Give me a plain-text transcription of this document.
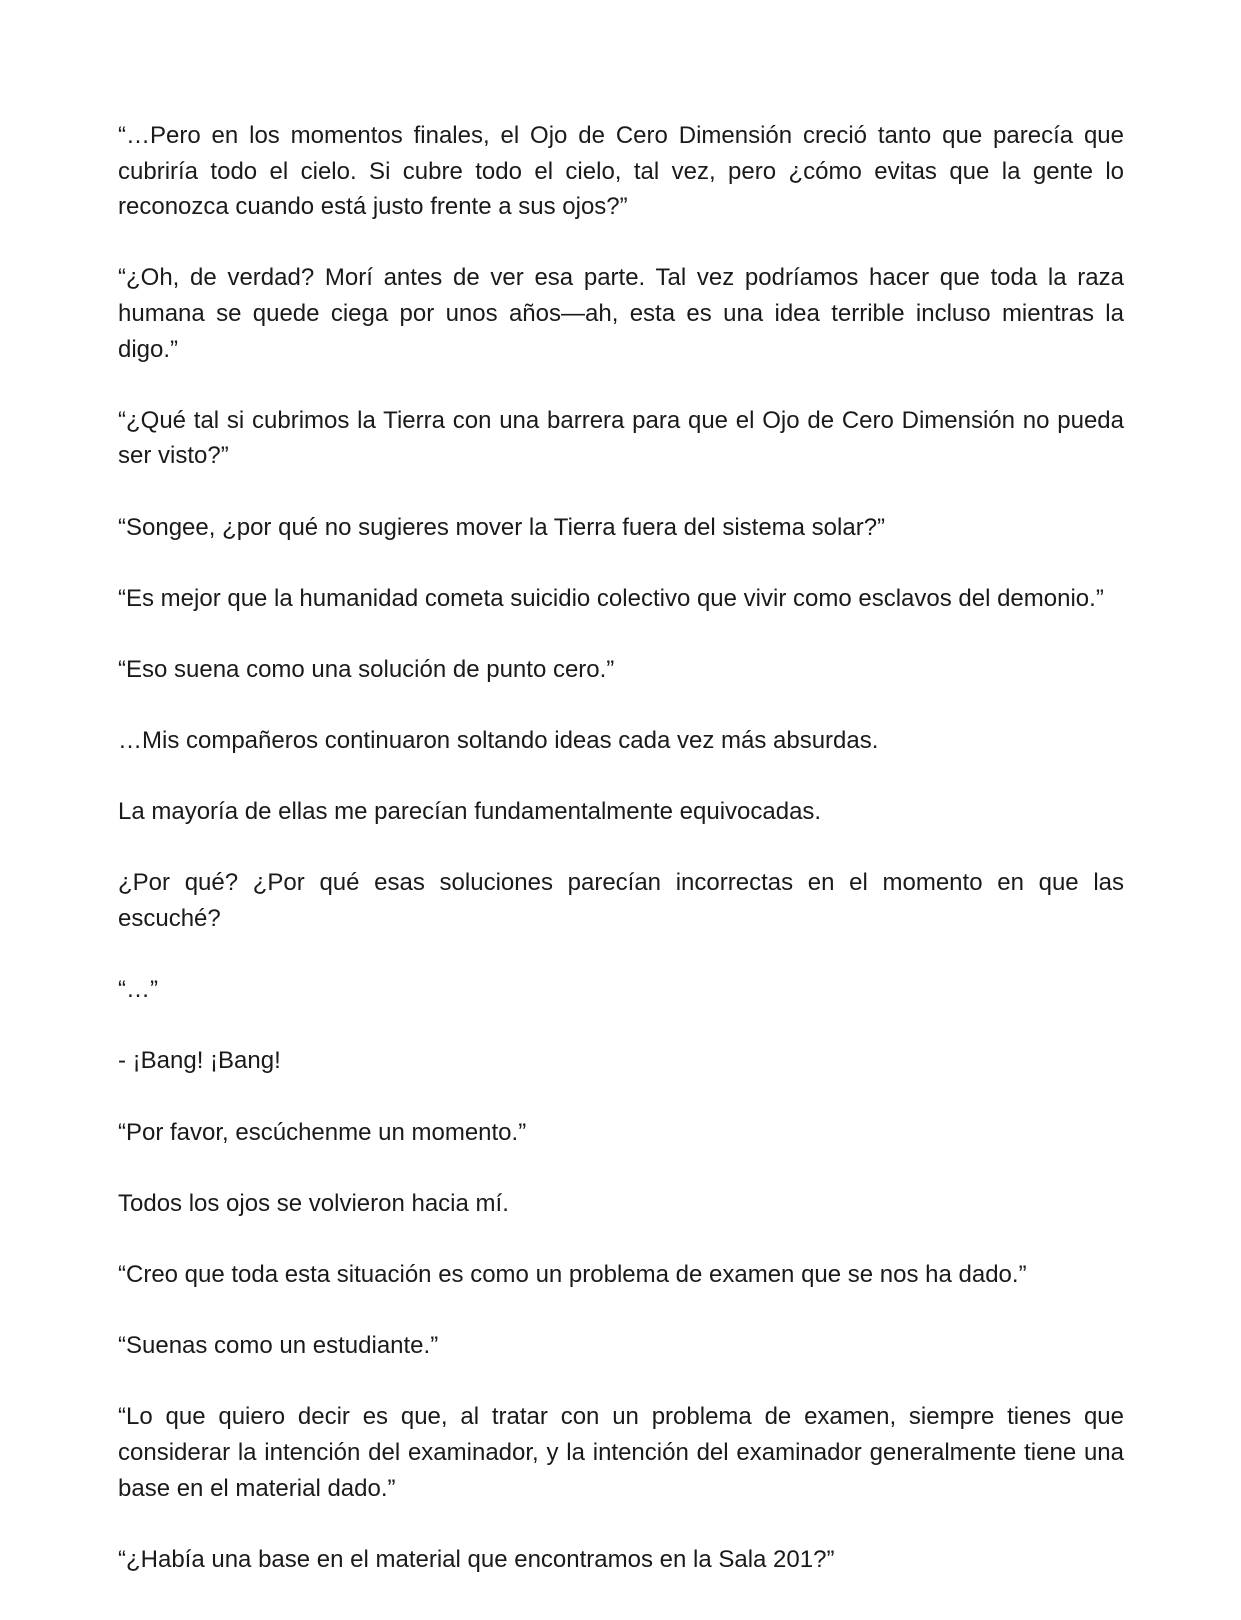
“…Pero en los momentos finales, el Ojo de Cero Dimensión creció tanto que parecía que cubriría todo el cielo. Si cubre todo el cielo, tal vez, pero ¿cómo evitas que la gente lo reconozca cuando está justo frente a sus ojos?”

“¿Oh, de verdad? Morí antes de ver esa parte. Tal vez podríamos hacer que toda la raza humana se quede ciega por unos años—ah, esta es una idea terrible incluso mientras la digo.”

“¿Qué tal si cubrimos la Tierra con una barrera para que el Ojo de Cero Dimensión no pueda ser visto?”

“Songee, ¿por qué no sugieres mover la Tierra fuera del sistema solar?”

“Es mejor que la humanidad cometa suicidio colectivo que vivir como esclavos del demonio.”

“Eso suena como una solución de punto cero.”

…Mis compañeros continuaron soltando ideas cada vez más absurdas.

La mayoría de ellas me parecían fundamentalmente equivocadas.

¿Por qué? ¿Por qué esas soluciones parecían incorrectas en el momento en que las escuché?

“…”

- ¡Bang! ¡Bang!

“Por favor, escúchenme un momento.”

Todos los ojos se volvieron hacia mí.

“Creo que toda esta situación es como un problema de examen que se nos ha dado.”

“Suenas como un estudiante.”

“Lo que quiero decir es que, al tratar con un problema de examen, siempre tienes que considerar la intención del examinador, y la intención del examinador generalmente tiene una base en el material dado.”

“¿Había una base en el material que encontramos en la Sala 201?”
